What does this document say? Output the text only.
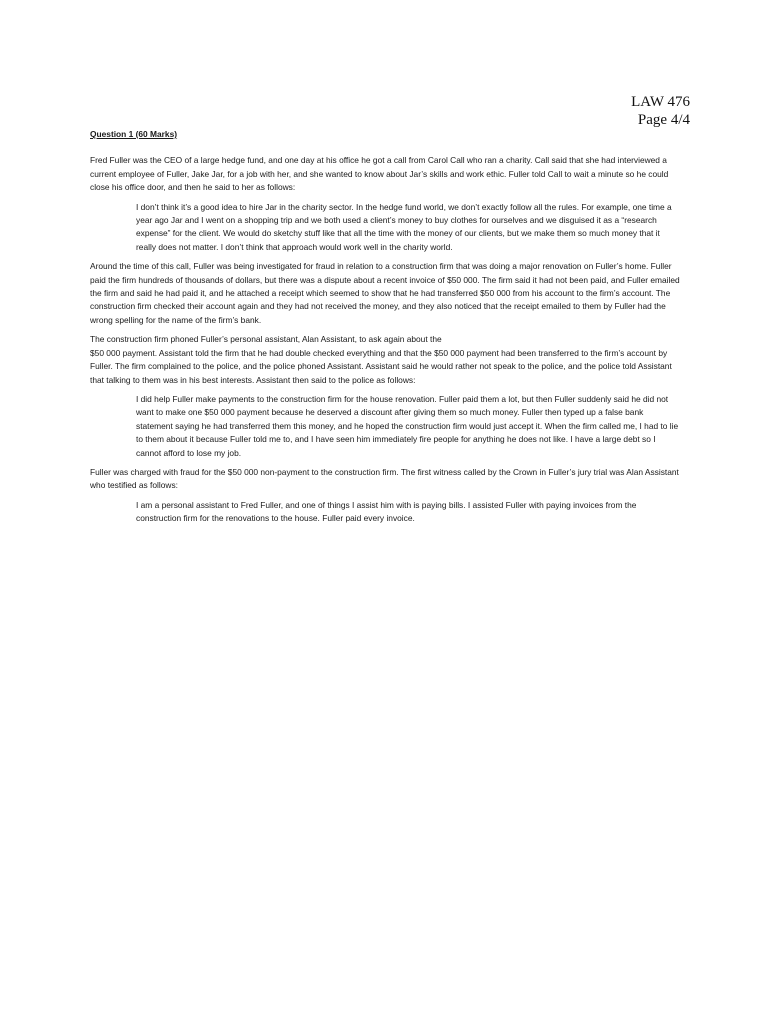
LAW 476
Page 4/4
Question 1 (60 Marks)

Fred Fuller was the CEO of a large hedge fund, and one day at his office he got a call from Carol Call who ran a charity. Call said that she had interviewed a current employee of Fuller, Jake Jar, for a job with her, and she wanted to know about Jar’s skills and work ethic. Fuller told Call to wait a minute so he could close his office door, and then he said to her as follows:

I don’t think it’s a good idea to hire Jar in the charity sector. In the hedge fund world, we don’t exactly follow all the rules. For example, one time a year ago Jar and I went on a shopping trip and we both used a client’s money to buy clothes for ourselves and we disguised it as a “research expense” for the client. We would do sketchy stuff like that all the time with the money of our clients, but we make them so much money that it really does not matter. I don’t think that approach would work well in the charity world.

Around the time of this call, Fuller was being investigated for fraud in relation to a construction firm that was doing a major renovation on Fuller’s home. Fuller paid the firm hundreds of thousands of dollars, but there was a dispute about a recent invoice of $50 000. The firm said it had not been paid, and Fuller emailed the firm and said he had paid it, and he attached a receipt which seemed to show that he had transferred $50 000 from his account to the firm’s account. The construction firm checked their account again and they had not received the money, and they also noticed that the receipt emailed to them by Fuller had the wrong spelling for the name of the firm’s bank.

The construction firm phoned Fuller’s personal assistant, Alan Assistant, to ask again about the
$50 000 payment. Assistant told the firm that he had double checked everything and that the $50 000 payment had been transferred to the firm’s account by Fuller. The firm complained to the police, and the police phoned Assistant. Assistant said he would rather not speak to the police, and the police told Assistant that talking to them was in his best interests. Assistant then said to the police as follows:

I did help Fuller make payments to the construction firm for the house renovation. Fuller paid them a lot, but then Fuller suddenly said he did not want to make one $50 000 payment because he deserved a discount after giving them so much money. Fuller then typed up a false bank statement saying he had transferred them this money, and he hoped the construction firm would just accept it. When the firm called me, I had to lie to them about it because Fuller told me to, and I have seen him immediately fire people for anything he does not like. I have a large debt so I cannot afford to lose my job.

Fuller was charged with fraud for the $50 000 non-payment to the construction firm. The first witness called by the Crown in Fuller’s jury trial was Alan Assistant who testified as follows:

I am a personal assistant to Fred Fuller, and one of things I assist him with is paying bills. I assisted Fuller with paying invoices from the construction firm for the renovations to the house. Fuller paid every invoice.
